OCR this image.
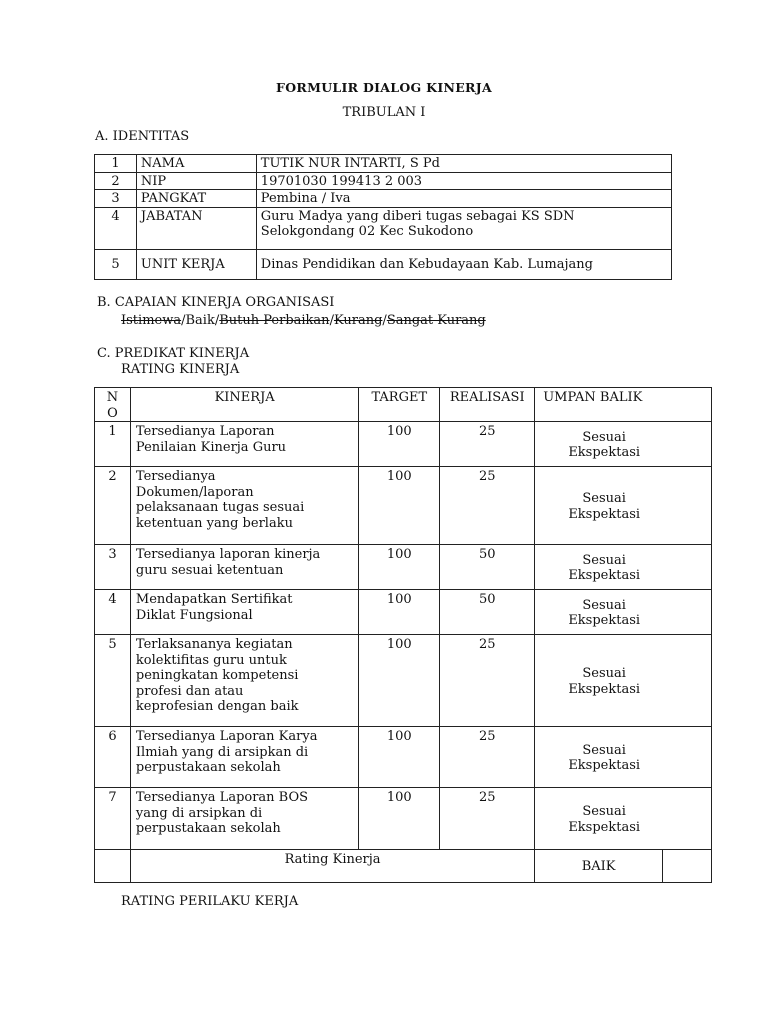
FORMULIR DIALOG KINERJA
TRIBULAN I
A. IDENTITAS
1	NAMA	TUTIK NUR INTARTI, S Pd
2	NIP	19701030 199413 2 003
3	PANGKAT	Pembina / Iva
4	JABATAN	Guru Madya yang diberi tugas sebagai KS SDN
Selokgondang 02 Kec Sukodono

5	UNIT KERJA	Dinas Pendidikan dan Kebudayaan Kab. Lumajang
B. CAPAIAN KINERJA ORGANISASI
Istimewa/Baik/Butuh Perbaikan/Kurang/Sangat Kurang
C. PREDIKAT KINERJA
RATING KINERJA
N
O	KINERJA	TARGET	REALISASI	UMPAN BALIK	
1	Tersedianya Laporan
Penilaian Kinerja Guru	100	25	Sesuai
Ekspektasi	

2	Tersedianya
Dokumen/laporan
pelaksanaan tugas sesuai
ketentuan yang berlaku	100	25	Sesuai
Ekspektasi	

3	Tersedianya laporan kinerja
guru sesuai ketentuan	100	50	Sesuai
Ekspektasi	

4	Mendapatkan Sertifikat
Diklat Fungsional	100	50	Sesuai
Ekspektasi	

5	Terlaksananya kegiatan
kolektifitas guru untuk
peningkatan kompetensi
profesi dan atau
keprofesian dengan baik	100	25	Sesuai
Ekspektasi	

6	Tersedianya Laporan Karya
Ilmiah yang di arsipkan di
perpustakaan sekolah	100	25	Sesuai
Ekspektasi	

7	Tersedianya Laporan BOS
yang di arsipkan di
perpustakaan sekolah	100	25	Sesuai
Ekspektasi	

	Rating Kinerja			BAIK	
RATING PERILAKU KERJA
